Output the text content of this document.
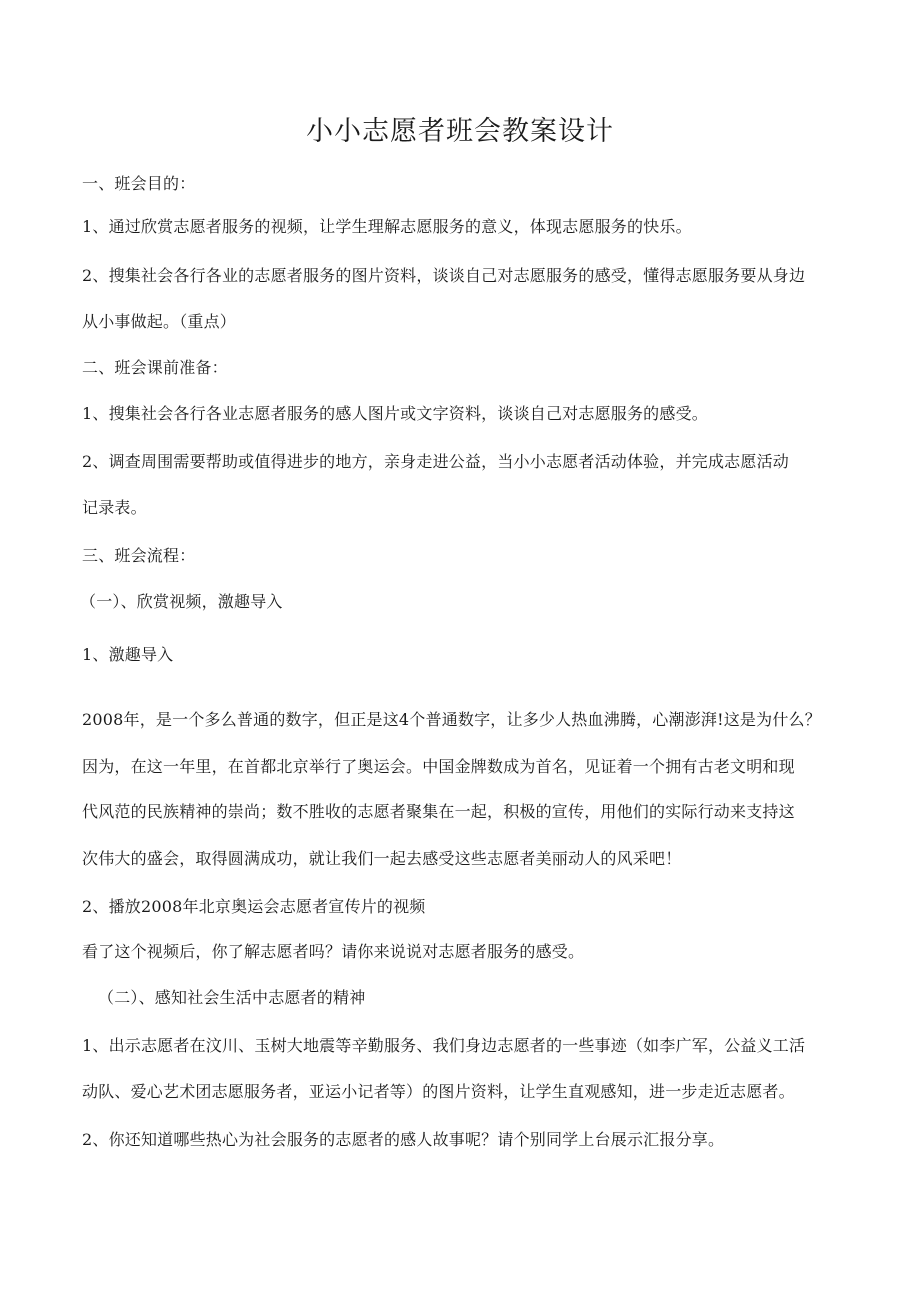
小小志愿者班会教案设计
一、班会目的：
1、通过欣赏志愿者服务的视频，让学生理解志愿服务的意义，体现志愿服务的快乐。
2、搜集社会各行各业的志愿者服务的图片资料，谈谈自己对志愿服务的感受，懂得志愿服务要从身边
从小事做起。（重点）
二、班会课前准备：
1、搜集社会各行各业志愿者服务的感人图片或文字资料，谈谈自己对志愿服务的感受。
2、调查周围需要帮助或值得进步的地方，亲身走进公益，当小小志愿者活动体验，并完成志愿活动
记录表。
三、班会流程：
（一）、欣赏视频，激趣导入
1、激趣导入
2008年，是一个多么普通的数字，但正是这4个普通数字，让多少人热血沸腾，心潮澎湃!这是为什么？
因为，在这一年里，在首都北京举行了奥运会。中国金牌数成为首名，见证着一个拥有古老文明和现
代风范的民族精神的崇尚；数不胜收的志愿者聚集在一起，积极的宣传，用他们的实际行动来支持这
次伟大的盛会，取得圆满成功，就让我们一起去感受这些志愿者美丽动人的风采吧！
2、播放2008年北京奥运会志愿者宣传片的视频
看了这个视频后，你了解志愿者吗？请你来说说对志愿者服务的感受。
（二）、感知社会生活中志愿者的精神
1、出示志愿者在汶川、玉树大地震等辛勤服务、我们身边志愿者的一些事迹（如李广军，公益义工活
动队、爱心艺术团志愿服务者，亚运小记者等）的图片资料，让学生直观感知，进一步走近志愿者。
2、你还知道哪些热心为社会服务的志愿者的感人故事呢？请个别同学上台展示汇报分享。
